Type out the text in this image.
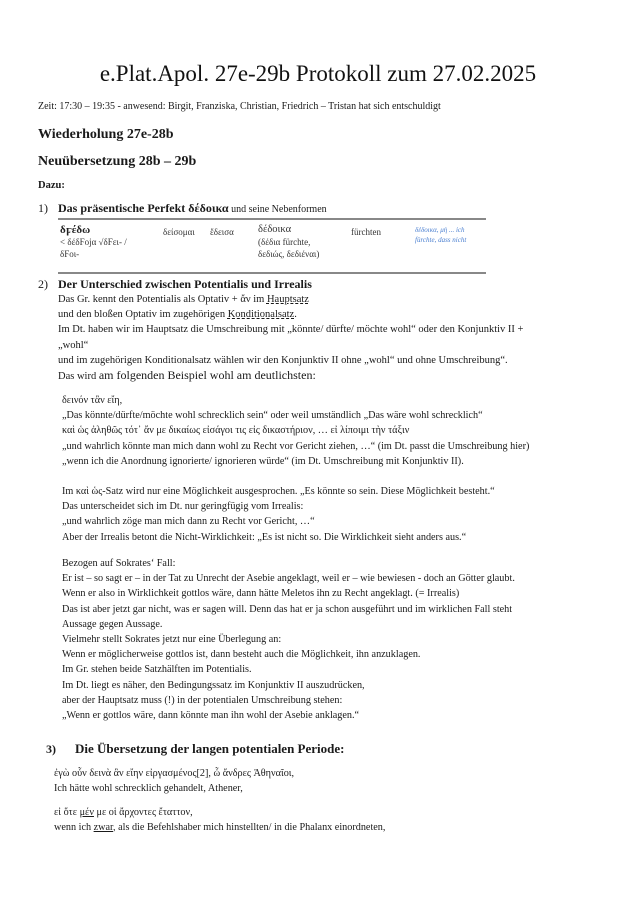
e.Plat.Apol. 27e-29b Protokoll zum 27.02.2025
Zeit: 17:30 – 19:35 - anwesend: Birgit, Franziska, Christian, Friedrich – Tristan hat sich entschuldigt
Wiederholung 27e-28b
Neuübersetzung 28b – 29b
Dazu:
1) Das präsentische Perfekt δέδοικα und seine Nebenformen
δϝέδω
< δέδϜοjα √δϜει- /
δϜοι-
δείσομαι ἔδεισα δέδοικα
(δέδια fürchte,
δεδιώς, δεδιέναι)
fürchten	δέδοικα, μὴ ... ich
fürchte, dass nicht
2) Der Unterschied zwischen Potentialis und Irrealis
Das Gr. kennt den Potentialis als Optativ + ἄν im Hauptsatz
und den bloßen Optativ im zugehörigen Konditionalsatz.
Im Dt. haben wir im Hauptsatz die Umschreibung mit „könnte/ dürfte/ möchte wohl“ oder den Konjunktiv II +
„wohl“
und im zugehörigen Konditionalsatz wählen wir den Konjunktiv II ohne „wohl“ und ohne Umschreibung“.
Das wird am folgenden Beispiel wohl am deutlichsten:
δεινόν τἂν εἴη,
„Das könnte/dürfte/möchte wohl schrecklich sein“ oder weil umständlich „Das wäre wohl schrecklich“
καὶ ὡς ἀληθῶς τότ᾽ ἄν με δικαίως εἰσάγοι τις εἰς δικαστήριον, … εἰ λίποιμι τὴν τάξιν
„und wahrlich könnte man mich dann wohl zu Recht vor Gericht ziehen, …“ (im Dt. passt die Umschreibung hier)
„wenn ich die Anordnung ignorierte/ ignorieren würde“ (im Dt. Umschreibung mit Konjunktiv II).
Im καὶ ὡς-Satz wird nur eine Möglichkeit ausgesprochen. „Es könnte so sein. Diese Möglichkeit besteht.“
Das unterscheidet sich im Dt. nur geringfügig vom Irrealis:
„und wahrlich zöge man mich dann zu Recht vor Gericht, …“
Aber der Irrealis betont die Nicht-Wirklichkeit: „Es ist nicht so. Die Wirklichkeit sieht anders aus.“
Bezogen auf Sokrates‘ Fall:
Er ist – so sagt er – in der Tat zu Unrecht der Asebie angeklagt, weil er – wie bewiesen - doch an Götter glaubt.
Wenn er also in Wirklichkeit gottlos wäre, dann hätte Meletos ihn zu Recht angeklagt. (= Irrealis)
Das ist aber jetzt gar nicht, was er sagen will. Denn das hat er ja schon ausgeführt und im wirklichen Fall steht
Aussage gegen Aussage.
Vielmehr stellt Sokrates jetzt nur eine Überlegung an:
Wenn er möglicherweise gottlos ist, dann besteht auch die Möglichkeit, ihn anzuklagen.
Im Gr. stehen beide Satzhälften im Potentialis.
Im Dt. liegt es näher, den Bedingungssatz im Konjunktiv II auszudrücken,
aber der Hauptsatz muss (!) in der potentialen Umschreibung stehen:
„Wenn er gottlos wäre, dann könnte man ihn wohl der Asebie anklagen.“
3) Die Übersetzung der langen potentialen Periode:
ἐγὼ οὖν δεινὰ ἂν εἴην εἰργασμένος[2], ὦ ἄνδρες Ἀθηναῖοι,
Ich hätte wohl schrecklich gehandelt, Athener,
εἰ ὅτε μέν με οἱ ἄρχοντες ἔταττον,
wenn ich zwar, als die Befehlshaber mich hinstellten/ in die Phalanx einordneten,
